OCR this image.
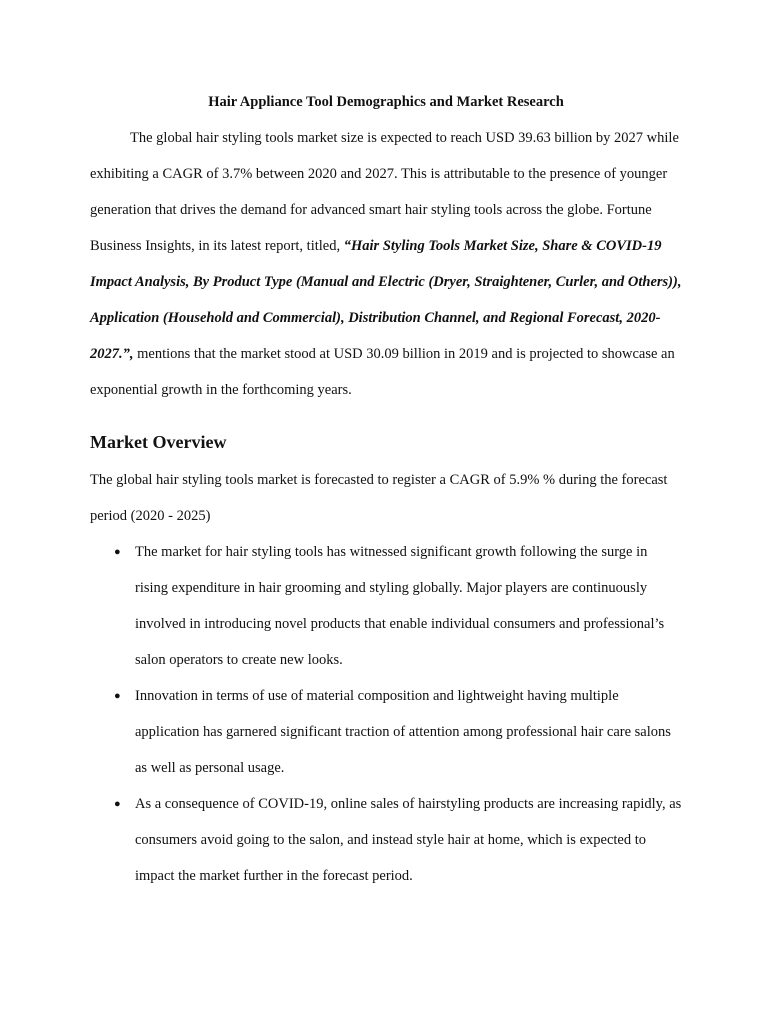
Hair Appliance Tool Demographics and Market Research

The global hair styling tools market size is expected to reach USD 39.63 billion by 2027 while exhibiting a CAGR of 3.7% between 2020 and 2027. This is attributable to the presence of younger generation that drives the demand for advanced smart hair styling tools across the globe. Fortune Business Insights, in its latest report, titled, “Hair Styling Tools Market Size, Share & COVID-19 Impact Analysis, By Product Type (Manual and Electric (Dryer, Straightener, Curler, and Others)), Application (Household and Commercial), Distribution Channel, and Regional Forecast, 2020-2027.”, mentions that the market stood at USD 30.09 billion in 2019 and is projected to showcase an exponential growth in the forthcoming years.

Market Overview

The global hair styling tools market is forecasted to register a CAGR of 5.9% % during the forecast period (2020 - 2025)

● The market for hair styling tools has witnessed significant growth following the surge in rising expenditure in hair grooming and styling globally. Major players are continuously involved in introducing novel products that enable individual consumers and professional’s salon operators to create new looks.
● Innovation in terms of use of material composition and lightweight having multiple application has garnered significant traction of attention among professional hair care salons as well as personal usage.
● As a consequence of COVID-19, online sales of hairstyling products are increasing rapidly, as consumers avoid going to the salon, and instead style hair at home, which is expected to impact the market further in the forecast period.
